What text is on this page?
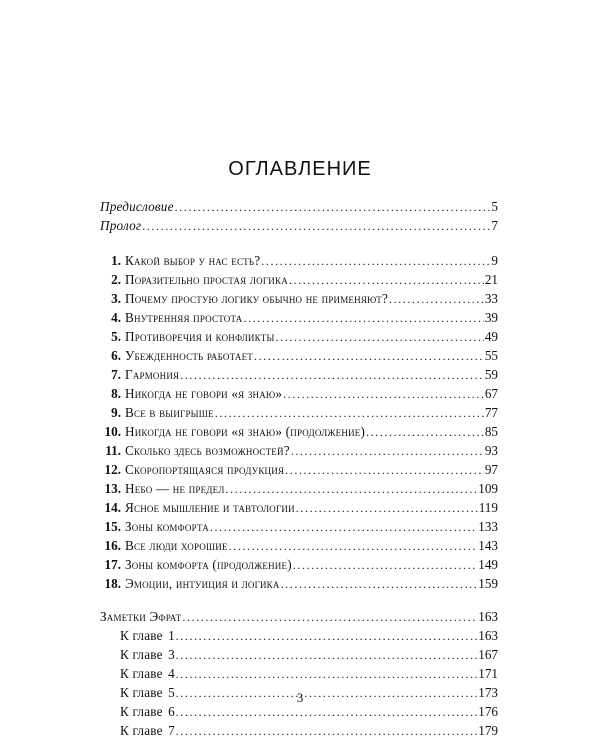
ОГЛАВЛЕНИЕ
Предисловие .....	5
Пролог .....	7
1. Какой выбор у нас есть? .....	9
2. Поразительно простая логика .....	21
3. Почему простую логику обычно не применяют? .....	33
4. Внутренняя простота .....	39
5. Противоречия и конфликты .....	49
6. Убежденность работает .....	55
7. Гармония .....	59
8. Никогда не говори «я знаю» .....	67
9. Все в выигрыше .....	77
10. Никогда не говори «я знаю» (продолжение) .....	85
11. Сколько здесь возможностей? .....	93
12. Скоропортящаяся продукция .....	97
13. Небо — не предел .....	109
14. Ясное мышление и тавтологии .....	119
15. Зоны комфорта .....	133
16. Все люди хорошие .....	143
17. Зоны комфорта (продолжение) .....	149
18. Эмоции, интуиция и логика .....	159
Заметки Эфрат .....	163
К главе 1 .....	163
К главе 3 .....	167
К главе 4 .....	171
К главе 5 .....	173
К главе 6 .....	176
К главе 7 .....	179
3
